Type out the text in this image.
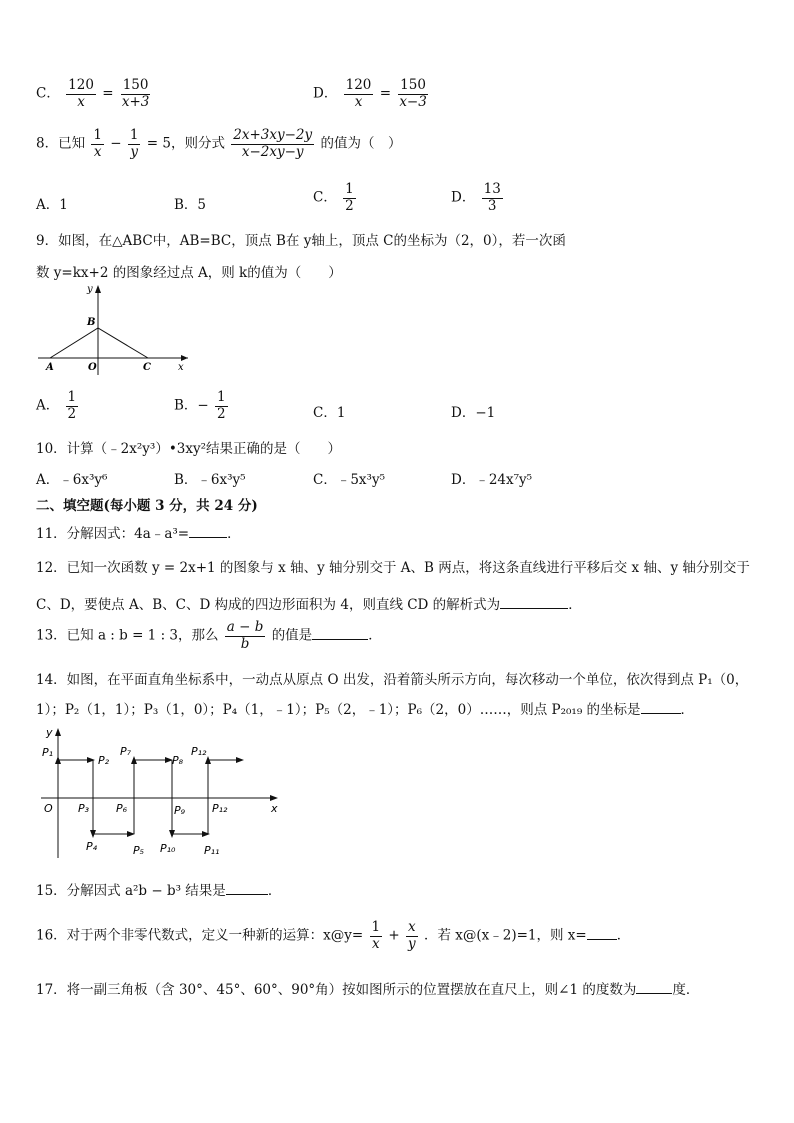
C． $\frac{120}{x} = \frac{150}{x+3}$	D． $\frac{120}{x} = \frac{150}{x-3}$
8．已知 $\frac{1}{x} - \frac{1}{y} = 5$，则分式 $\frac{2x+3xy-2y}{x-2xy-y}$ 的值为（　）
A．1	B．5	C． $\frac{1}{2}$	D． $\frac{13}{3}$
9．如图，在△ABC中，AB=BC，顶点 B在 y轴上，顶点 C的坐标为（2，0），若一次函
数 y=kx+2 的图象经过点 A，则 k的值为（　　）
y
B
A	O	C	x
A． $\frac{1}{2}$	B．− $\frac{1}{2}$	C．1	D．−1
10．计算（﹣2x²y³）•3xy²结果正确的是（　　）
A．﹣6x³y⁶	B．﹣6x³y⁵	C．﹣5x³y⁵	D．﹣24x⁷y⁵
二、填空题(每小题 3 分，共 24 分)
11．分解因式：4a﹣a³=	．
12．已知一次函数 y = 2x+1 的图象与 x 轴、y 轴分别交于 A、B 两点，将这条直线进行平移后交 x 轴、y 轴分别交于
C、D，要使点 A、B、C、D 构成的四边形面积为 4，则直线 CD 的解析式为	．
13．已知 a : b = 1 : 3，那么 $\frac{a - b}{b}$ 的值是	．
14．如图，在平面直角坐标系中，一动点从原点 O 出发，沿着箭头所示方向，每次移动一个单位，依次得到点 P₁（0，
1）；P₂（1，1）；P₃（1，0）；P₄（1，﹣1）；P₅（2，﹣1）；P₆（2，0）……，则点 P₂₀₁₉ 的坐标是	．
y
x
O
P₁
P₂
P₃
P₄	P₅
P₆
P₇
P₈
P₉
P₁₀	P₁₁
P₁₂
P₁₂
15．分解因式 a²b − b³ 结果是	．
16．对于两个非零代数式，定义一种新的运算：x@y= $\frac{1}{x} + \frac{x}{y}$ ．若 x@(x﹣2)=1，则 x= ．
17．将一副三角板（含 30°、45°、60°、90°角）按如图所示的位置摆放在直尺上，则∠1 的度数为	度．
